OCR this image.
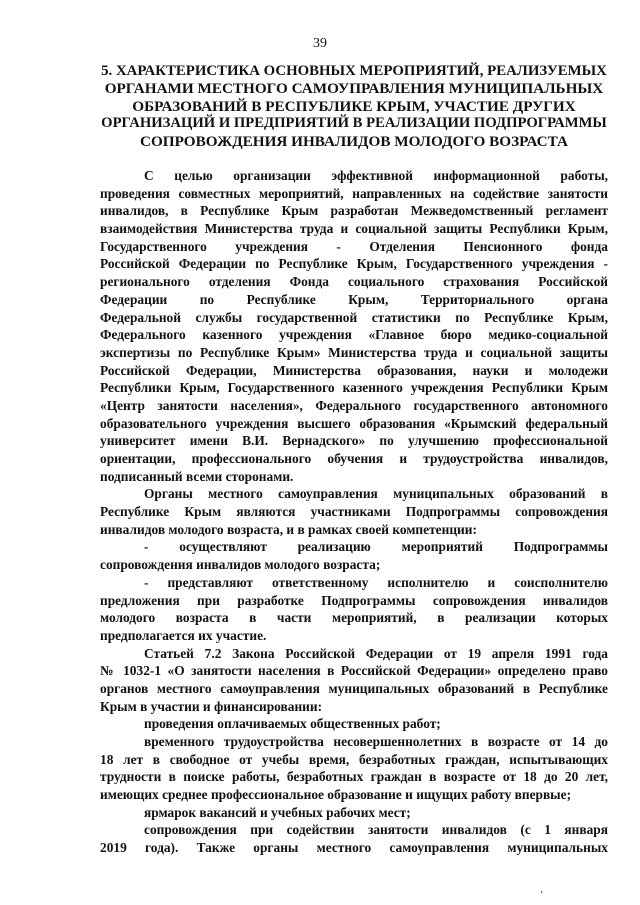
39
5. ХАРАКТЕРИСТИКА ОСНОВНЫХ МЕРОПРИЯТИЙ, РЕАЛИЗУЕМЫХ
ОРГАНАМИ МЕСТНОГО САМОУПРАВЛЕНИЯ МУНИЦИПАЛЬНЫХ
ОБРАЗОВАНИЙ В РЕСПУБЛИКЕ КРЫМ, УЧАСТИЕ ДРУГИХ
ОРГАНИЗАЦИЙ И ПРЕДПРИЯТИЙ В РЕАЛИЗАЦИИ ПОДПРОГРАММЫ
СОПРОВОЖДЕНИЯ ИНВАЛИДОВ МОЛОДОГО ВОЗРАСТА
С целью организации эффективной информационной работы,
проведения совместных мероприятий, направленных на содействие занятости
инвалидов, в Республике Крым разработан Межведомственный регламент
взаимодействия Министерства труда и социальной защиты Республики Крым,
Государственного учреждения - Отделения Пенсионного фонда
Российской Федерации по Республике Крым, Государственного учреждения -
регионального отделения Фонда социального страхования Российской
Федерации по Республике Крым, Территориального органа
Федеральной службы государственной статистики по Республике Крым,
Федерального казенного учреждения «Главное бюро медико-социальной
экспертизы по Республике Крым» Министерства труда и социальной защиты
Российской Федерации, Министерства образования, науки и молодежи
Республики Крым, Государственного казенного учреждения Республики Крым
«Центр занятости населения», Федерального государственного автономного
образовательного учреждения высшего образования «Крымский федеральный
университет имени В.И. Вернадского» по улучшению профессиональной
ориентации, профессионального обучения и трудоустройства инвалидов,
подписанный всеми сторонами.
Органы местного самоуправления муниципальных образований в
Республике Крым являются участниками Подпрограммы сопровождения
инвалидов молодого возраста, и в рамках своей компетенции:
- осуществляют реализацию мероприятий Подпрограммы
сопровождения инвалидов молодого возраста;
- представляют ответственному исполнителю и соисполнителю
предложения при разработке Подпрограммы сопровождения инвалидов
молодого возраста в части мероприятий, в реализации которых
предполагается их участие.
Статьей 7.2 Закона Российской Федерации от 19 апреля 1991 года
№ 1032-1 «О занятости населения в Российской Федерации» определено право
органов местного самоуправления муниципальных образований в Республике
Крым в участии и финансировании:
проведения оплачиваемых общественных работ;
временного трудоустройства несовершеннолетних в возрасте от 14 до
18 лет в свободное от учебы время, безработных граждан, испытывающих
трудности в поиске работы, безработных граждан в возрасте от 18 до 20 лет,
имеющих среднее профессиональное образование и ищущих работу впервые;
ярмарок вакансий и учебных рабочих мест;
сопровождения при содействии занятости инвалидов (с 1 января
2019 года). Также органы местного самоуправления муниципальных
‚
